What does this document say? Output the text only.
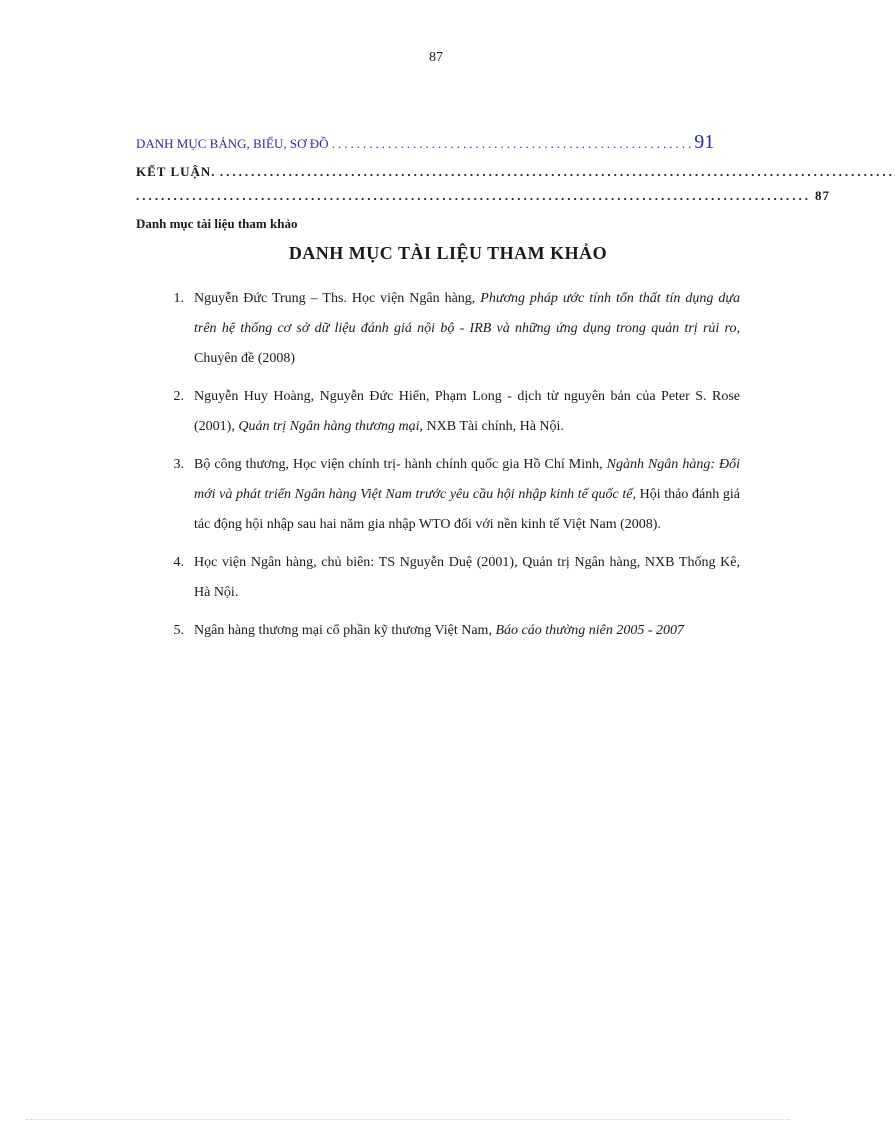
87
DANH MỤC BẢNG, BIỂU, SƠ ĐỒ ..........................................................91
KẾT LUẬN. ............................................................................................................
............................................................................................................ 87
Danh mục tài liệu tham khảo
DANH MỤC TÀI LIỆU THAM KHẢO
1. Nguyễn Đức Trung – Ths. Học viện Ngân hàng, Phương pháp ước tính tổn thất tín dụng dựa trên hệ thống cơ sở dữ liệu đánh giá nội bộ - IRB và những ứng dụng trong quản trị rủi ro, Chuyên đề (2008)
2. Nguyễn Huy Hoàng, Nguyễn Đức Hiển, Phạm Long - dịch từ nguyên bản của Peter S. Rose (2001), Quản trị Ngân hàng thương mại, NXB Tài chính, Hà Nội.
3. Bộ công thương, Học viện chính trị- hành chính quốc gia Hồ Chí Minh, Ngành Ngân hàng: Đổi mới và phát triển Ngân hàng Việt Nam trước yêu cầu hội nhập kinh tế quốc tế, Hội thảo đánh giá tác động hội nhập sau hai năm gia nhập WTO đối với nền kinh tế Việt Nam (2008).
4. Học viện Ngân hàng, chủ biên: TS Nguyễn Duệ (2001), Quản trị Ngân hàng, NXB Thống Kê, Hà Nội.
5. Ngân hàng thương mại cổ phần kỹ thương Việt Nam, Báo cáo thường niên 2005 - 2007
